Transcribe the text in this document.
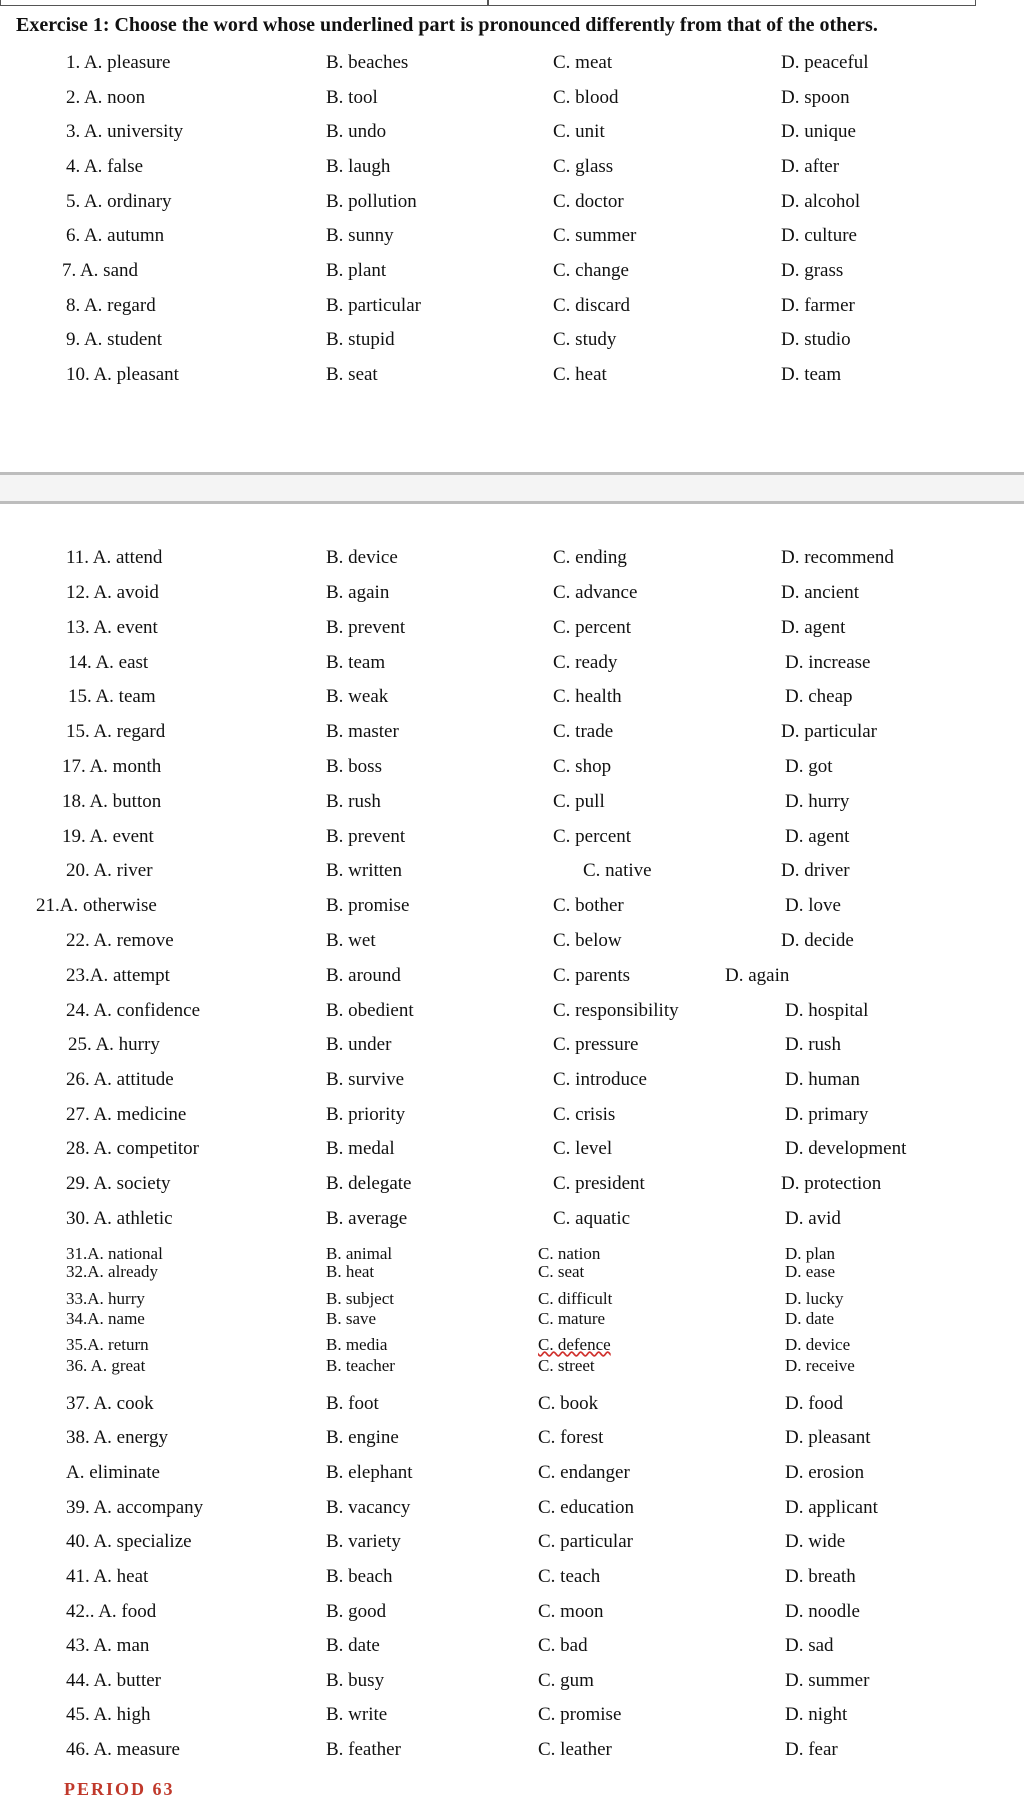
Exercise 1: Choose the word whose underlined part is pronounced differently from that of the others.
1. A. pleasure	B. beaches	C. meat	D. peaceful
2. A. noon	B. tool	C. blood	D. spoon
3. A. university	B. undo	C. unit	D. unique
4. A. false	B. laugh	C. glass	D. after
5. A. ordinary	B. pollution	C. doctor	D. alcohol
6. A. autumn	B. sunny	C. summer	D. culture
7. A. sand	B. plant	C. change	D. grass
8. A. regard	B. particular	C. discard	D. farmer
9. A. student	B. stupid	C. study	D. studio
10. A. pleasant	B. seat	C. heat	D. team
11. A. attend	B. device	C. ending	D. recommend
12. A. avoid	B. again	C. advance	D. ancient
13. A. event	B. prevent	C. percent	D. agent
14. A. east	B. team	C. ready	D. increase
15. A. team	B. weak	C. health	D. cheap
15. A. regard	B. master	C. trade	D. particular
17. A. month	B. boss	C. shop	D. got
18. A. button	B. rush	C. pull	D. hurry
19. A. event	B. prevent	C. percent	D. agent
20. A. river	B. written	C. native	D. driver
21.A. otherwise	B. promise	C. bother	D. love
22. A. remove	B. wet	C. below	D. decide
23.A. attempt	B. around	C. parents	D. again
24. A. confidence	B. obedient	C. responsibility	D. hospital
25. A. hurry	B. under	C. pressure	D. rush
26. A. attitude	B. survive	C. introduce	D. human
27. A. medicine	B. priority	C. crisis	D. primary
28. A. competitor	B. medal	C. level	D. development
29. A. society	B. delegate	C. president	D. protection
30. A. athletic	B. average	C. aquatic	D. avid
31.A. national	B. animal	C. nation	D. plan
32.A. already	B. heat	C. seat	D. ease
33.A. hurry	B. subject	C. difficult	D. lucky
34.A. name	B. save	C. mature	D. date
35.A. return	B. media	C. defence	D. device
36. A. great	B. teacher	C. street	D. receive
37. A. cook	B. foot	C. book	D. food
38. A. energy	B. engine	C. forest	D. pleasant
A. eliminate	B. elephant	C. endanger	D. erosion
39. A. accompany	B. vacancy	C. education	D. applicant
40. A. specialize	B. variety	C. particular	D. wide
41. A. heat	B. beach	C. teach	D. breath
42.. A. food	B. good	C. moon	D. noodle
43. A. man	B. date	C. bad	D. sad
44. A. butter	B. busy	C. gum	D. summer
45. A. high	B. write	C. promise	D. night
46. A. measure	B. feather	C. leather	D. fear
PERIOD 63
